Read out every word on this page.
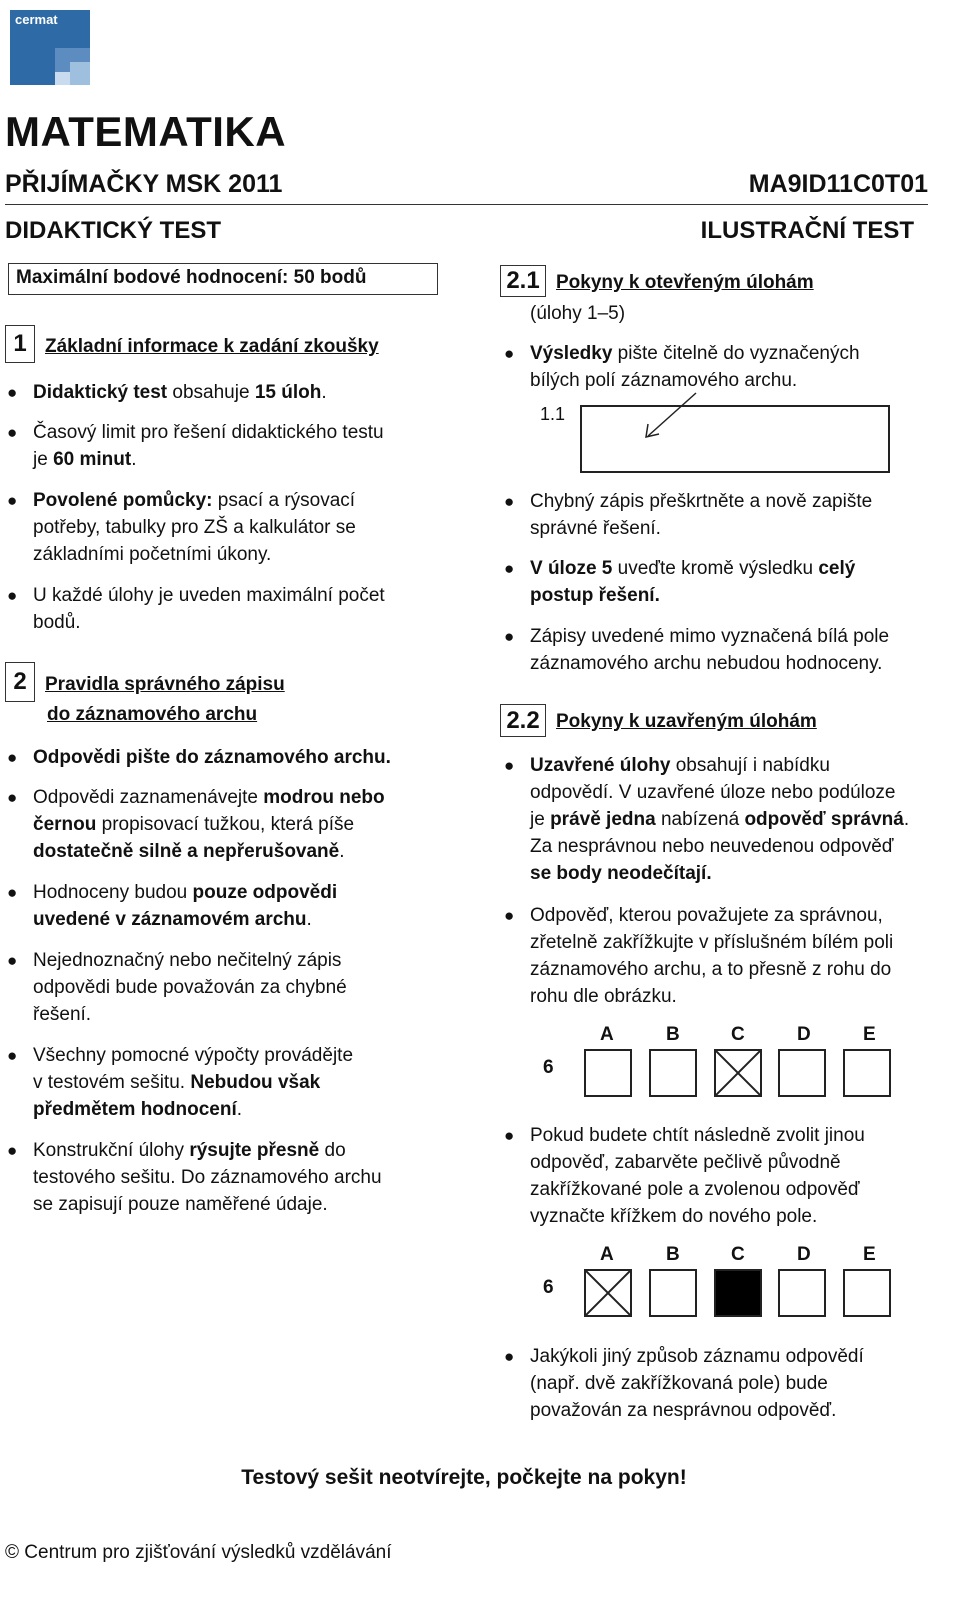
cermat
MATEMATIKA
PŘIJÍMAČKY MSK 2011	MA9ID11C0T01
DIDAKTICKÝ TEST	ILUSTRAČNÍ TEST
Maximální bodové hodnocení: 50 bodů
1 Základní informace k zadání zkoušky
● Didaktický test obsahuje 15 úloh.
● Časový limit pro řešení didaktického testu
je 60 minut.
● Povolené pomůcky: psací a rýsovací
potřeby, tabulky pro ZŠ a kalkulátor se
základními početními úkony.
● U každé úlohy je uveden maximální počet
bodů.
2 Pravidla správného zápisu
do záznamového archu
● Odpovědi pište do záznamového archu.
● Odpovědi zaznamenávejte modrou nebo
černou propisovací tužkou, která píše
dostatečně silně a nepřerušovaně.
● Hodnoceny budou pouze odpovědi
uvedené v záznamovém archu.
● Nejednoznačný nebo nečitelný zápis
odpovědi bude považován za chybné
řešení.
● Všechny pomocné výpočty provádějte
v testovém sešitu. Nebudou však
předmětem hodnocení.
● Konstrukční úlohy rýsujte přesně do
testového sešitu. Do záznamového archu
se zapisují pouze naměřené údaje.
2.1 Pokyny k otevřeným úlohám
(úlohy 1–5)
● Výsledky pište čitelně do vyznačených
bílých polí záznamového archu.
1.1
● Chybný zápis přeškrtněte a nově zapište
správné řešení.
● V úloze 5 uveďte kromě výsledku celý
postup řešení.
● Zápisy uvedené mimo vyznačená bílá pole
záznamového archu nebudou hodnoceny.
2.2 Pokyny k uzavřeným úlohám
● Uzavřené úlohy obsahují i nabídku
odpovědí. V uzavřené úloze nebo podúloze
je právě jedna nabízená odpověď správná.
Za nesprávnou nebo neuvedenou odpověď
se body neodečítají.
● Odpověď, kterou považujete za správnou,
zřetelně zakřížkujte v příslušném bílém poli
záznamového archu, a to přesně z rohu do
rohu dle obrázku.
A	B	C	D	E
6
● Pokud budete chtít následně zvolit jinou
odpověď, zabarvěte pečlivě původně
zakřížkované pole a zvolenou odpověď
vyznačte křížkem do nového pole.
A	B	C	D	E
6
● Jakýkoli jiný způsob záznamu odpovědí
(např. dvě zakřížkovaná pole) bude
považován za nesprávnou odpověď.
Testový sešit neotvírejte, počkejte na pokyn!
© Centrum pro zjišťování výsledků vzdělávání
